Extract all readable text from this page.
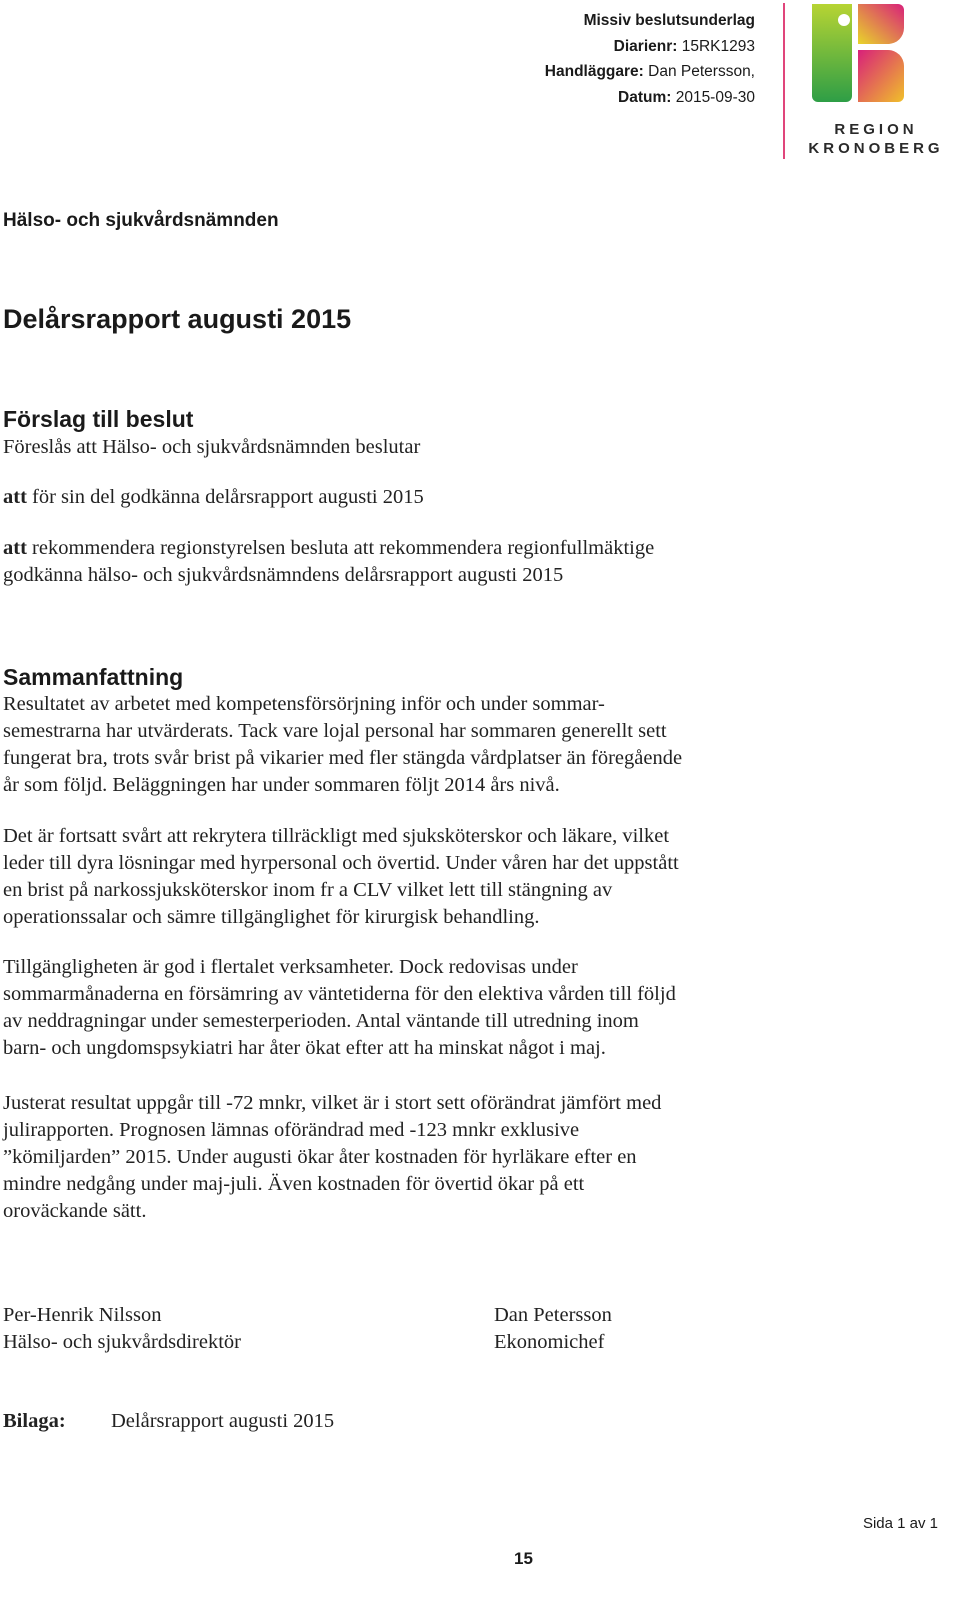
Missiv beslutsunderlag
Diarienr: 15RK1293
Handläggare: Dan Petersson,
Datum: 2015-09-30
REGION
KRONOBERG
Hälso- och sjukvårdsnämnden
Delårsrapport augusti 2015
Förslag till beslut
Föreslås att Hälso- och sjukvårdsnämnden beslutar
att för sin del godkänna delårsrapport augusti 2015
att rekommendera regionstyrelsen besluta att rekommendera regionfullmäktige
godkänna hälso- och sjukvårdsnämndens delårsrapport augusti 2015
Sammanfattning
Resultatet av arbetet med kompetensförsörjning inför och under sommar-
semestrarna har utvärderats. Tack vare lojal personal har sommaren generellt sett
fungerat bra, trots svår brist på vikarier med fler stängda vårdplatser än föregående
år som följd. Beläggningen har under sommaren följt 2014 års nivå.
Det är fortsatt svårt att rekrytera tillräckligt med sjuksköterskor och läkare, vilket
leder till dyra lösningar med hyrpersonal och övertid. Under våren har det uppstått
en brist på narkossjuksköterskor inom fr a CLV vilket lett till stängning av
operationssalar och sämre tillgänglighet för kirurgisk behandling.
Tillgängligheten är god i flertalet verksamheter. Dock redovisas under
sommarmånaderna en försämring av väntetiderna för den elektiva vården till följd
av neddragningar under semesterperioden. Antal väntande till utredning inom
barn- och ungdomspsykiatri har åter ökat efter att ha minskat något i maj.
Justerat resultat uppgår till -72 mnkr, vilket är i stort sett oförändrat jämfört med
julirapporten. Prognosen lämnas oförändrad med -123 mnkr exklusive
”kömiljarden” 2015. Under augusti ökar åter kostnaden för hyrläkare efter en
mindre nedgång under maj-juli. Även kostnaden för övertid ökar på ett
oroväckande sätt.
Per-Henrik Nilsson
Hälso- och sjukvårdsdirektör
Dan Petersson
Ekonomichef
Bilaga: Delårsrapport augusti 2015
Sida 1 av 1
15
